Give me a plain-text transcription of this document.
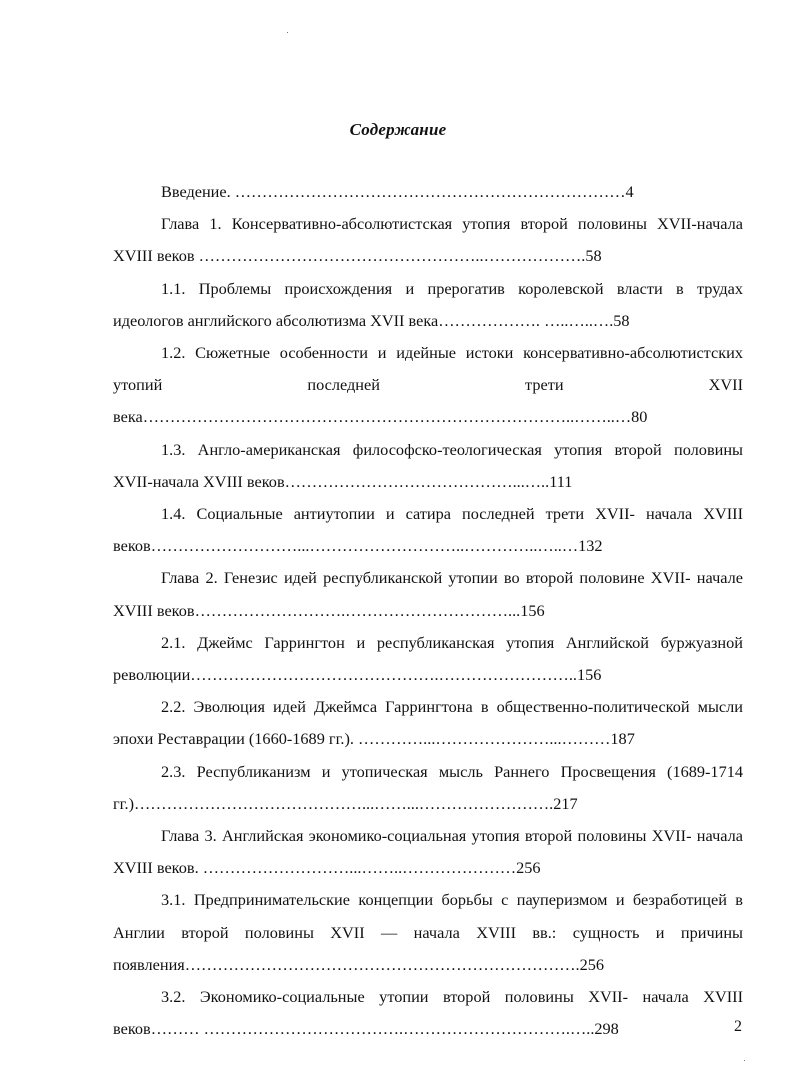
Содержание

Введение. ………………………………………………………………4

Глава 1. Консервативно-абсолютистская утопия второй половины XVII-начала XVIII веков ……………………………………………..……………….58

1.1. Проблемы происхождения и прерогатив королевской власти в трудах идеологов английского абсолютизма XVII века………………. …..…..….58

1.2. Сюжетные особенности и идейные истоки консервативно-абсолютистских утопий последней трети XVII века……………………………………………………………………..……..…80

1.3. Англо-американская философско-теологическая утопия второй половины XVII-начала XVIII веков……………………………………...…..111

1.4. Социальные антиутопии и сатира последней трети XVII- начала XVIII веков………………………...………………………..…………..…..…132

Глава 2. Генезис идей республиканской утопии во второй половине XVII- начале XVIII веков……………………….…………………………...156

2.1. Джеймс Гаррингтон и республиканская утопия Английской буржуазной революции……………………………………….……………………..156

2.2. Эволюция идей Джеймса Гаррингтона в общественно-политической мысли эпохи Реставрации (1660-1689 гг.). …………...…………………...………187

2.3. Республиканизм и утопическая мысль Раннего Просвещения (1689-1714 гг.)……………………………………...……...…………………….217

Глава 3. Английская экономико-социальная утопия второй половины XVII- начала XVIII веков. ………………………...……..…………………256

3.1. Предпринимательские концепции борьбы с пауперизмом и безработицей в Англии второй половины XVII — начала XVIII вв.: сущность и причины появления……………………………………………………………….256

3.2. Экономико-социальные утопии второй половины XVII- начала XVIII веков……… ……………………………….………………………….…..298	2
